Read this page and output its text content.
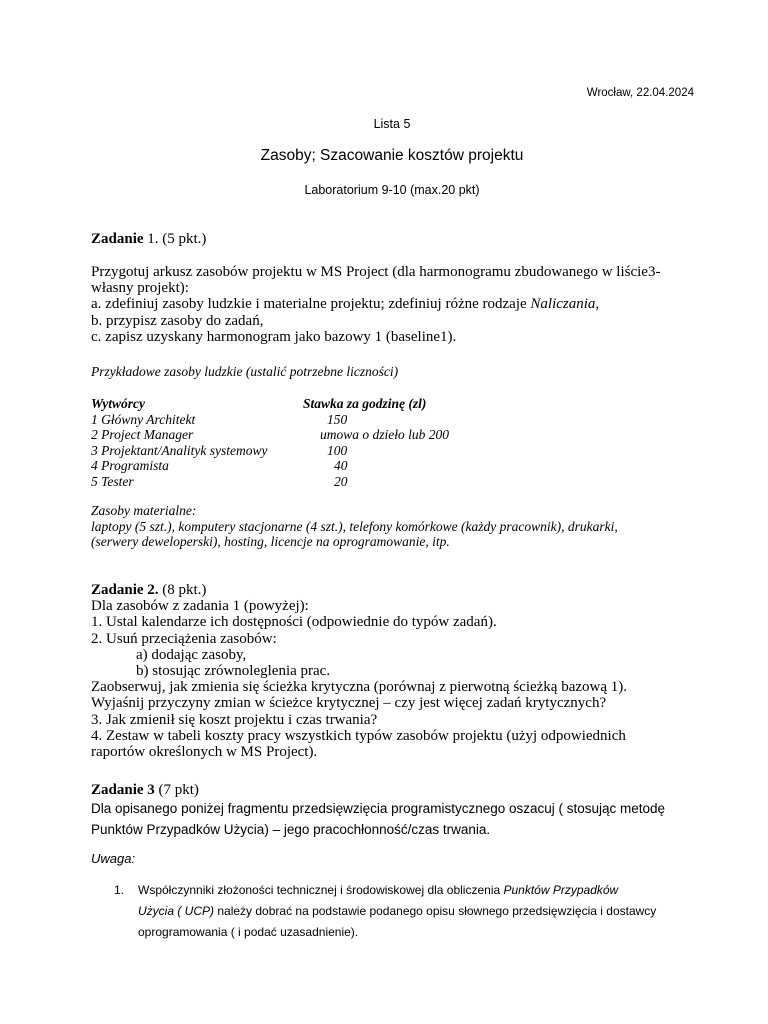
Wrocław, 22.04.2024
Lista 5
Zasoby; Szacowanie kosztów projektu
Laboratorium 9-10 (max.20 pkt)
Zadanie 1. (5 pkt.)
Przygotuj arkusz zasobów projektu w MS Project (dla harmonogramu zbudowanego w liście3-
własny projekt):
a. zdefiniuj zasoby ludzkie i materialne projektu; zdefiniuj różne rodzaje Naliczania,
b. przypisz zasoby do zadań,
c. zapisz uzyskany harmonogram jako bazowy 1 (baseline1).
Przykładowe zasoby ludzkie (ustalić potrzebne liczności)
Wytwórcy	Stawka za godzinę (zl)
1 Główny Architekt	150
2 Project Manager	umowa o dzieło lub 200
3 Projektant/Analityk systemowy	100
4 Programista	40
5 Tester	20
Zasoby materialne:
laptopy (5 szt.), komputery stacjonarne (4 szt.), telefony komórkowe (każdy pracownik), drukarki,
(serwery deweloperski), hosting, licencje na oprogramowanie, itp.
Zadanie 2. (8 pkt.)
Dla zasobów z zadania 1 (powyżej):
1. Ustal kalendarze ich dostępności (odpowiednie do typów zadań).
2. Usuń przeciążenia zasobów:
a) dodając zasoby,
b) stosując zrównoleglenia prac.
Zaobserwuj, jak zmienia się ścieżka krytyczna (porównaj z pierwotną ścieżką bazową 1).
Wyjaśnij przyczyny zmian w ścieżce krytycznej – czy jest więcej zadań krytycznych?
3. Jak zmienił się koszt projektu i czas trwania?
4. Zestaw w tabeli koszty pracy wszystkich typów zasobów projektu (użyj odpowiednich
raportów określonych w MS Project).
Zadanie 3 (7 pkt)
Dla opisanego poniżej fragmentu przedsięwzięcia programistycznego oszacuj ( stosując metodę
Punktów Przypadków Użycia) – jego pracochłonność/czas trwania.
Uwaga:
1. Współczynniki złożoności technicznej i środowiskowej dla obliczenia Punktów Przypadków
Użycia ( UCP) należy dobrać na podstawie podanego opisu słownego przedsięwzięcia i dostawcy
oprogramowania ( i podać uzasadnienie).
